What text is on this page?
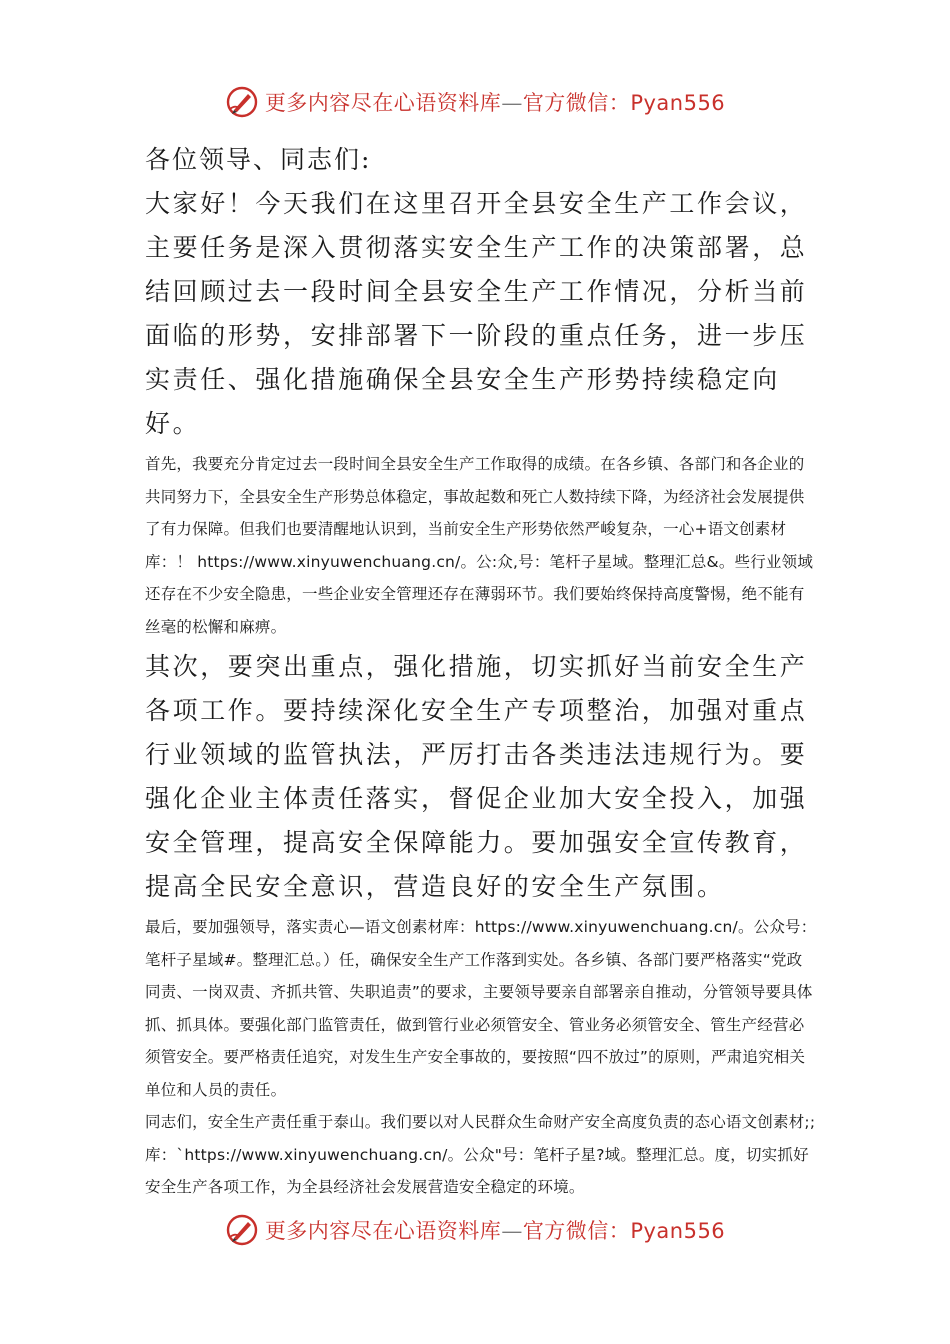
更多内容尽在心语资料库—官方微信：Pyan556

各位领导、同志们:

大家好！今天我们在这里召开全县安全生产工作会议，主要任务是深入贯彻落实安全生产工作的决策部署，总结回顾过去一段时间全县安全生产工作情况，分析当前面临的形势，安排部署下一阶段的重点任务，进一步压实责任、强化措施确保全县安全生产形势持续稳定向好。

首先，我要充分肯定过去一段时间全县安全生产工作取得的成绩。在各乡镇、各部门和各企业的共同努力下，全县安全生产形势总体稳定，事故起数和死亡人数持续下降，为经济社会发展提供了有力保障。但我们也要清醒地认识到，当前安全生产形势依然严峻复杂，一心+语文创素材库：！ https://www.xinyuwenchuang.cn/。公:众,号：笔杆子星域。整理汇总&。些行业领域还存在不少安全隐患，一些企业安全管理还存在薄弱环节。我们要始终保持高度警惕，绝不能有丝毫的松懈和麻痹。

其次，要突出重点，强化措施，切实抓好当前安全生产各项工作。要持续深化安全生产专项整治，加强对重点行业领域的监管执法，严厉打击各类违法违规行为。要强化企业主体责任落实，督促企业加大安全投入，加强安全管理，提高安全保障能力。要加强安全宣传教育，提高全民安全意识，营造良好的安全生产氛围。

最后，要加强领导，落实责心—语文创素材库：https://www.xinyuwenchuang.cn/。公众号：笔杆子星域#。整理汇总。）任，确保安全生产工作落到实处。各乡镇、各部门要严格落实“党政同责、一岗双责、齐抓共管、失职追责”的要求，主要领导要亲自部署亲自推动，分管领导要具体抓、抓具体。要强化部门监管责任，做到管行业必须管安全、管业务必须管安全、管生产经营必须管安全。要严格责任追究，对发生生产安全事故的，要按照“四不放过”的原则，严肃追究相关单位和人员的责任。

同志们，安全生产责任重于泰山。我们要以对人民群众生命财产安全高度负责的态心语文创素材;;库：`https://www.xinyuwenchuang.cn/。公众"号：笔杆子星?域。整理汇总。度，切实抓好安全生产各项工作，为全县经济社会发展营造安全稳定的环境。

更多内容尽在心语资料库—官方微信：Pyan556
